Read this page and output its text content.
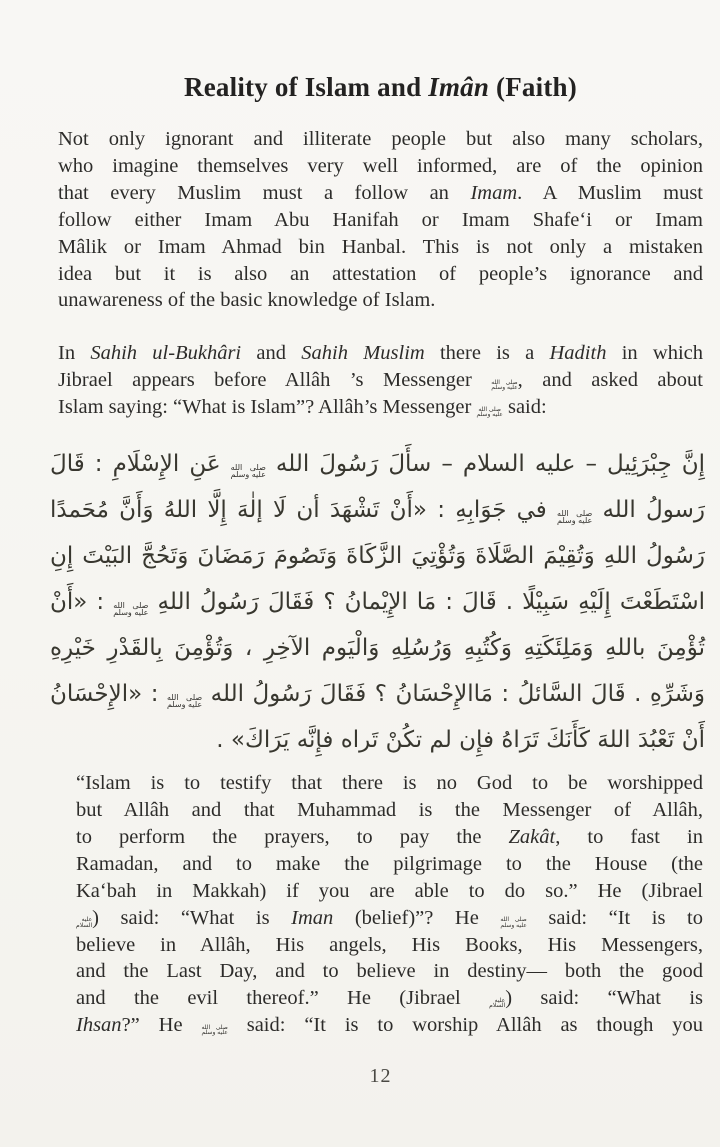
Reality of Islam and Imân (Faith)
Not only ignorant and illiterate people but also many scholars,
who imagine themselves very well informed, are of the opinion
that every Muslim must a follow an Imam. A Muslim must
follow either Imam Abu Hanifah or Imam Shafe‘i or Imam
Mâlik or Imam Ahmad bin Hanbal. This is not only a mistaken
idea but it is also an attestation of people’s ignorance and
unawareness of the basic knowledge of Islam.
In Sahih ul-Bukhâri and Sahih Muslim there is a Hadith in which
Jibrael appears before Allâh ’s Messenger صلى الله
عليه وسلم, and asked about
Islam saying: “What is Islam”? Allâh’s Messenger صلى الله
عليه وسلم said:
إِنَّ جِبْرَئِيل – عليه السلام – سأَلَ رَسُولَ الله صلى الله
عليه وسلم عَنِ الإِسْلَامِ : قَالَ
رَسولُ الله صلى الله
عليه وسلم في جَوَابِهِ : «أَنْ تَشْهَدَ أن لَا إلٰهَ إِلَّا اللهُ وَأَنَّ مُحَمدًا
رَسُولُ اللهِ وَتُقِيْمَ الصَّلَاةَ وَتُؤْتِيَ الزَّكَاةَ وَتَصُومَ رَمَضَانَ وَتَحُجَّ البَيْتَ إِنِ
اسْتَطَعْتَ إِلَيْهِ سَبِيْلًا . قَالَ : مَا الإِيْمانُ ؟ فَقَالَ رَسُولُ اللهِ صلى الله
عليه وسلم : «أَنْ
تُؤْمِنَ باللهِ وَمَلِئَكَتِهِ وَكُتُبِهِ وَرُسُلِهِ وَالْيَوم الآخِرِ ، وَتُؤْمِنَ بِالقَدْرِ خَيْرِهِ
وَشَرِّهِ . قَالَ السَّائلُ : مَاالإِحْسَانُ ؟ فَقَالَ رَسُولُ الله صلى الله
عليه وسلم : «الإِحْسَانُ
أَنْ تَعْبُدَ اللهَ كَأَنَكَ تَرَاهُ فإِن لم تكُنْ تَراه فإِنَّه يَرَاكَ» .
“Islam is to testify that there is no God to be worshipped
but Allâh and that Muhammad is the Messenger of Allâh,
to perform the prayers, to pay the Zakât, to fast in
Ramadan, and to make the pilgrimage to the House (the
Ka‘bah in Makkah) if you are able to do so.” He (Jibrael
عليه
السلام) said: “What is Iman (belief)”? He صلى الله
عليه وسلم said: “It is to
believe in Allâh, His angels, His Books, His Messengers,
and the Last Day, and to believe in destiny— both the good
and the evil thereof.” He (Jibrael عليه
السلام) said: “What is
Ihsan?” He صلى الله
عليه وسلم said: “It is to worship Allâh as though you
12
